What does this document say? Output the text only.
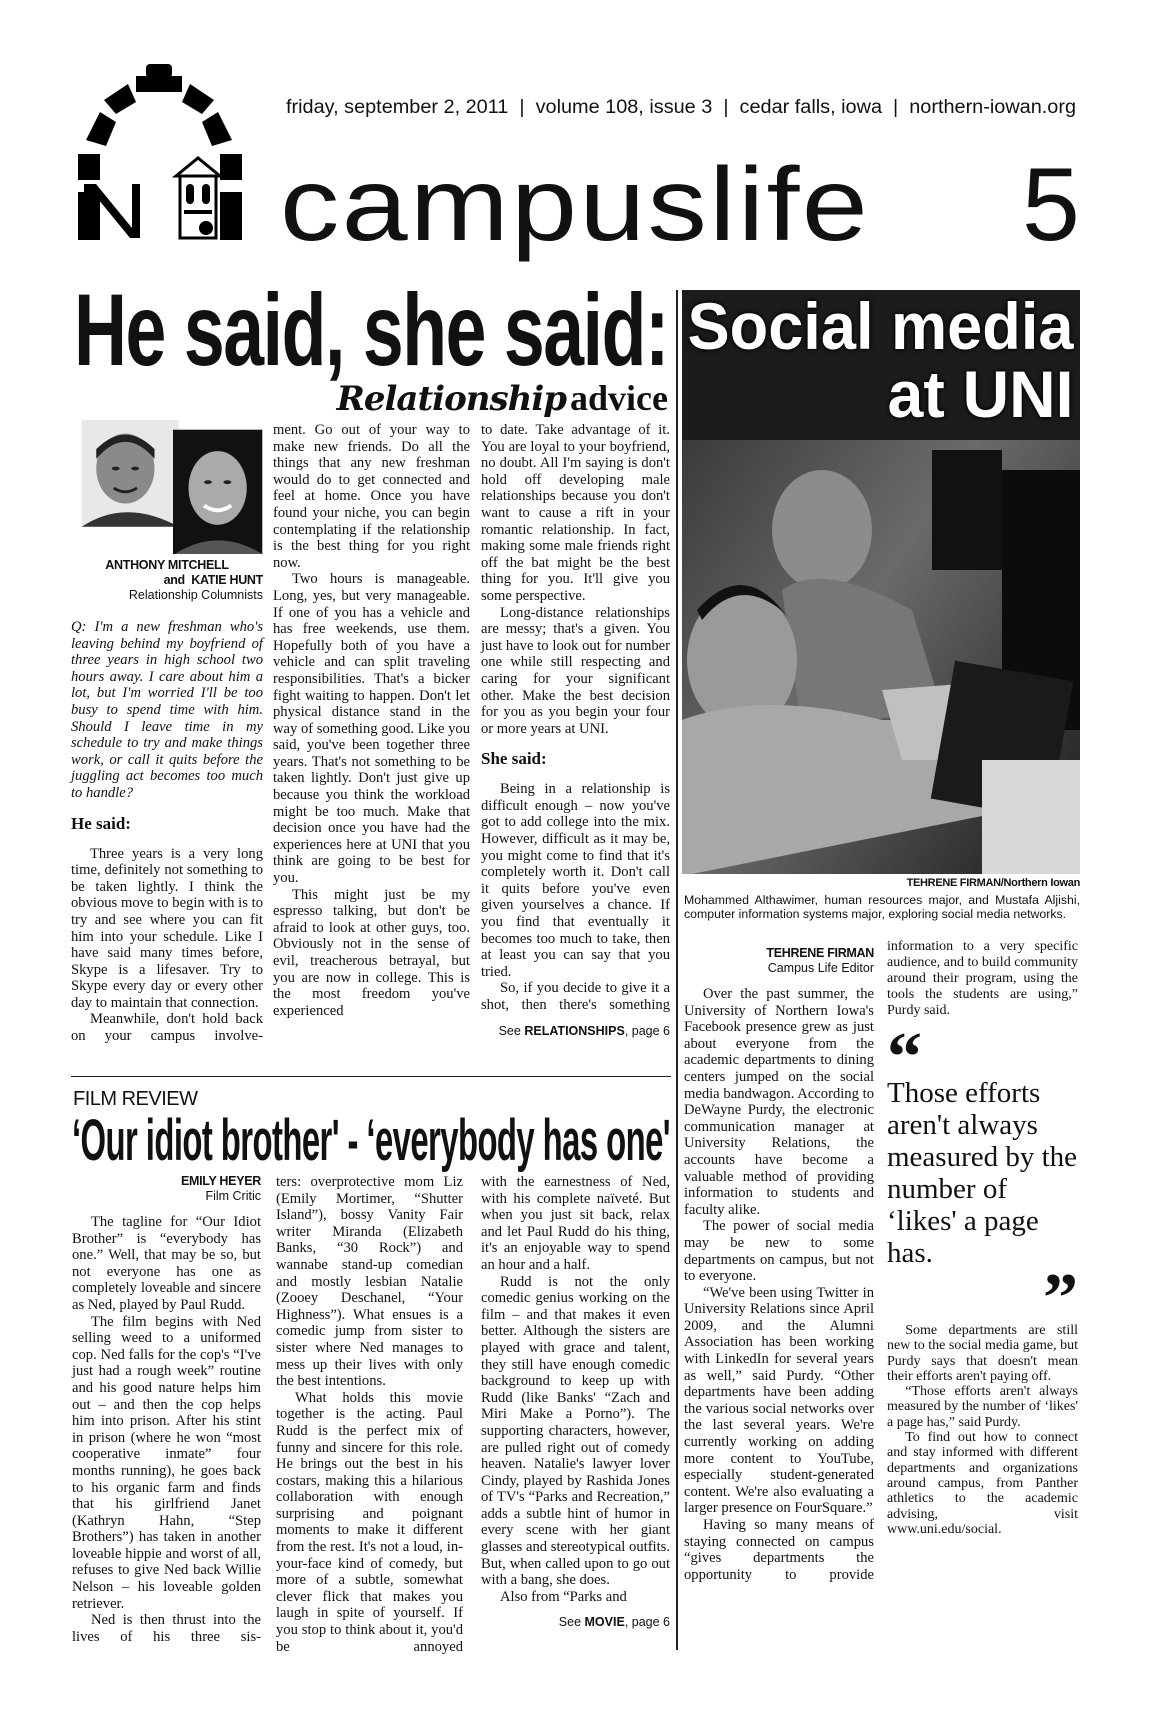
friday, september 2, 2011  |  volume 108, issue 3  |  cedar falls, iowa  |  northern-iowan.org
campuslife 5
He said, she said:
Relationship advice
ANTHONY MITCHELL
and  KATIE HUNT
Relationship Columnists

Q: I'm a new freshman who's leaving behind my boyfriend of three years in high school two hours away. I care about him a lot, but I'm worried I'll be too busy to spend time with him. Should I leave time in my schedule to try and make things work, or call it quits before the juggling act becomes too much to handle?

He said:

Three years is a very long time, definitely not something to be taken lightly. I think the obvious move to begin with is to try and see where you can fit him into your schedule. Like I have said many times before, Skype is a lifesaver. Try to Skype every day or every other day to maintain that connection.

Meanwhile, don't hold back on your campus involve-

ment. Go out of your way to make new friends. Do all the things that any new freshman would do to get connected and feel at home. Once you have found your niche, you can begin contemplating if the relationship is the best thing for you right now.

Two hours is manageable. Long, yes, but very manageable. If one of you has a vehicle and has free weekends, use them. Hopefully both of you have a vehicle and can split traveling responsibilities. That's a bicker fight waiting to happen. Don't let physical distance stand in the way of something good. Like you said, you've been together three years. That's not something to be taken lightly. Don't just give up because you think the workload might be too much. Make that decision once you have had the experiences here at UNI that you think are going to be best for you.

This might just be my espresso talking, but don't be afraid to look at other guys, too. Obviously not in the sense of evil, treacherous betrayal, but you are now in college. This is the most freedom you've experienced

to date. Take advantage of it. You are loyal to your boyfriend, no doubt. All I'm saying is don't hold off developing male relationships because you don't want to cause a rift in your romantic relationship. In fact, making some male friends right off the bat might be the best thing for you. It'll give you some perspective.

Long-distance relationships are messy; that's a given. You just have to look out for number one while still respecting and caring for your significant other. Make the best decision for you as you begin your four or more years at UNI.

She said:

Being in a relationship is difficult enough – now you've got to add college into the mix. However, difficult as it may be, you might come to find that it's completely worth it. Don't call it quits before you've even given yourselves a chance. If you find that eventually it becomes too much to take, then at least you can say that you tried.

So, if you decide to give it a shot, then there's something

See RELATIONSHIPS, page 6
FILM REVIEW
‘Our idiot brother' - ‘everybody has one'
EMILY HEYER
Film Critic

The tagline for “Our Idiot Brother” is “everybody has one.” Well, that may be so, but not everyone has one as completely loveable and sincere as Ned, played by Paul Rudd.

The film begins with Ned selling weed to a uniformed cop. Ned falls for the cop's “I've just had a rough week” routine and his good nature helps him out – and then the cop helps him into prison. After his stint in prison (where he won “most cooperative inmate” four months running), he goes back to his organic farm and finds that his girlfriend Janet (Kathryn Hahn, “Step Brothers”) has taken in another loveable hippie and worst of all, refuses to give Ned back Willie Nelson – his loveable golden retriever.

Ned is then thrust into the lives of his three sis-

ters: overprotective mom Liz (Emily Mortimer, “Shutter Island”), bossy Vanity Fair writer Miranda (Elizabeth Banks, “30 Rock”) and wannabe stand-up comedian and mostly lesbian Natalie (Zooey Deschanel, “Your Highness”). What ensues is a comedic jump from sister to sister where Ned manages to mess up their lives with only the best intentions.

What holds this movie together is the acting. Paul Rudd is the perfect mix of funny and sincere for this role. He brings out the best in his costars, making this a hilarious collaboration with enough surprising and poignant moments to make it different from the rest. It's not a loud, in-your-face kind of comedy, but more of a subtle, somewhat clever flick that makes you laugh in spite of yourself. If you stop to think about it, you'd be annoyed

with the earnestness of Ned, with his complete naïveté. But when you just sit back, relax and let Paul Rudd do his thing, it's an enjoyable way to spend an hour and a half.

Rudd is not the only comedic genius working on the film – and that makes it even better. Although the sisters are played with grace and talent, they still have enough comedic background to keep up with Rudd (like Banks' “Zach and Miri Make a Porno”). The supporting characters, however, are pulled right out of comedy heaven. Natalie's lawyer lover Cindy, played by Rashida Jones of TV's “Parks and Recreation,” adds a subtle hint of humor in every scene with her giant glasses and stereotypical outfits. But, when called upon to go out with a bang, she does.

Also from “Parks and

See MOVIE, page 6
Social media
at UNI
TEHRENE FIRMAN/Northern Iowan
Mohammed Althawimer, human resources major, and Mustafa Aljishi, computer information systems major, exploring social media networks.
TEHRENE FIRMAN
Campus Life Editor

Over the past summer, the University of Northern Iowa's Facebook presence grew as just about everyone from the academic departments to dining centers jumped on the social media bandwagon. According to DeWayne Purdy, the electronic communication manager at University Relations, the accounts have become a valuable method of providing information to students and faculty alike.

The power of social media may be new to some departments on campus, but not to everyone.

“We've been using Twitter in University Relations since April 2009, and the Alumni Association has been working with LinkedIn for several years as well,” said Purdy. “Other departments have been adding the various social networks over the last several years. We're currently working on adding more content to YouTube, especially student-generated content. We're also evaluating a larger presence on FourSquare.”

Having so many means of staying connected on campus “gives departments the opportunity to provide

information to a very specific audience, and to build community around their program, using the tools the students are using,” Purdy said.

“
Those efforts aren't always measured by the number of ‘likes' a page has.
”

Some departments are still new to the social media game, but Purdy says that doesn't mean their efforts aren't paying off.

“Those efforts aren't always measured by the number of ‘likes' a page has,” said Purdy.

To find out how to connect and stay informed with different departments and organizations around campus, from Panther athletics to the academic advising, visit www.uni.edu/social.
